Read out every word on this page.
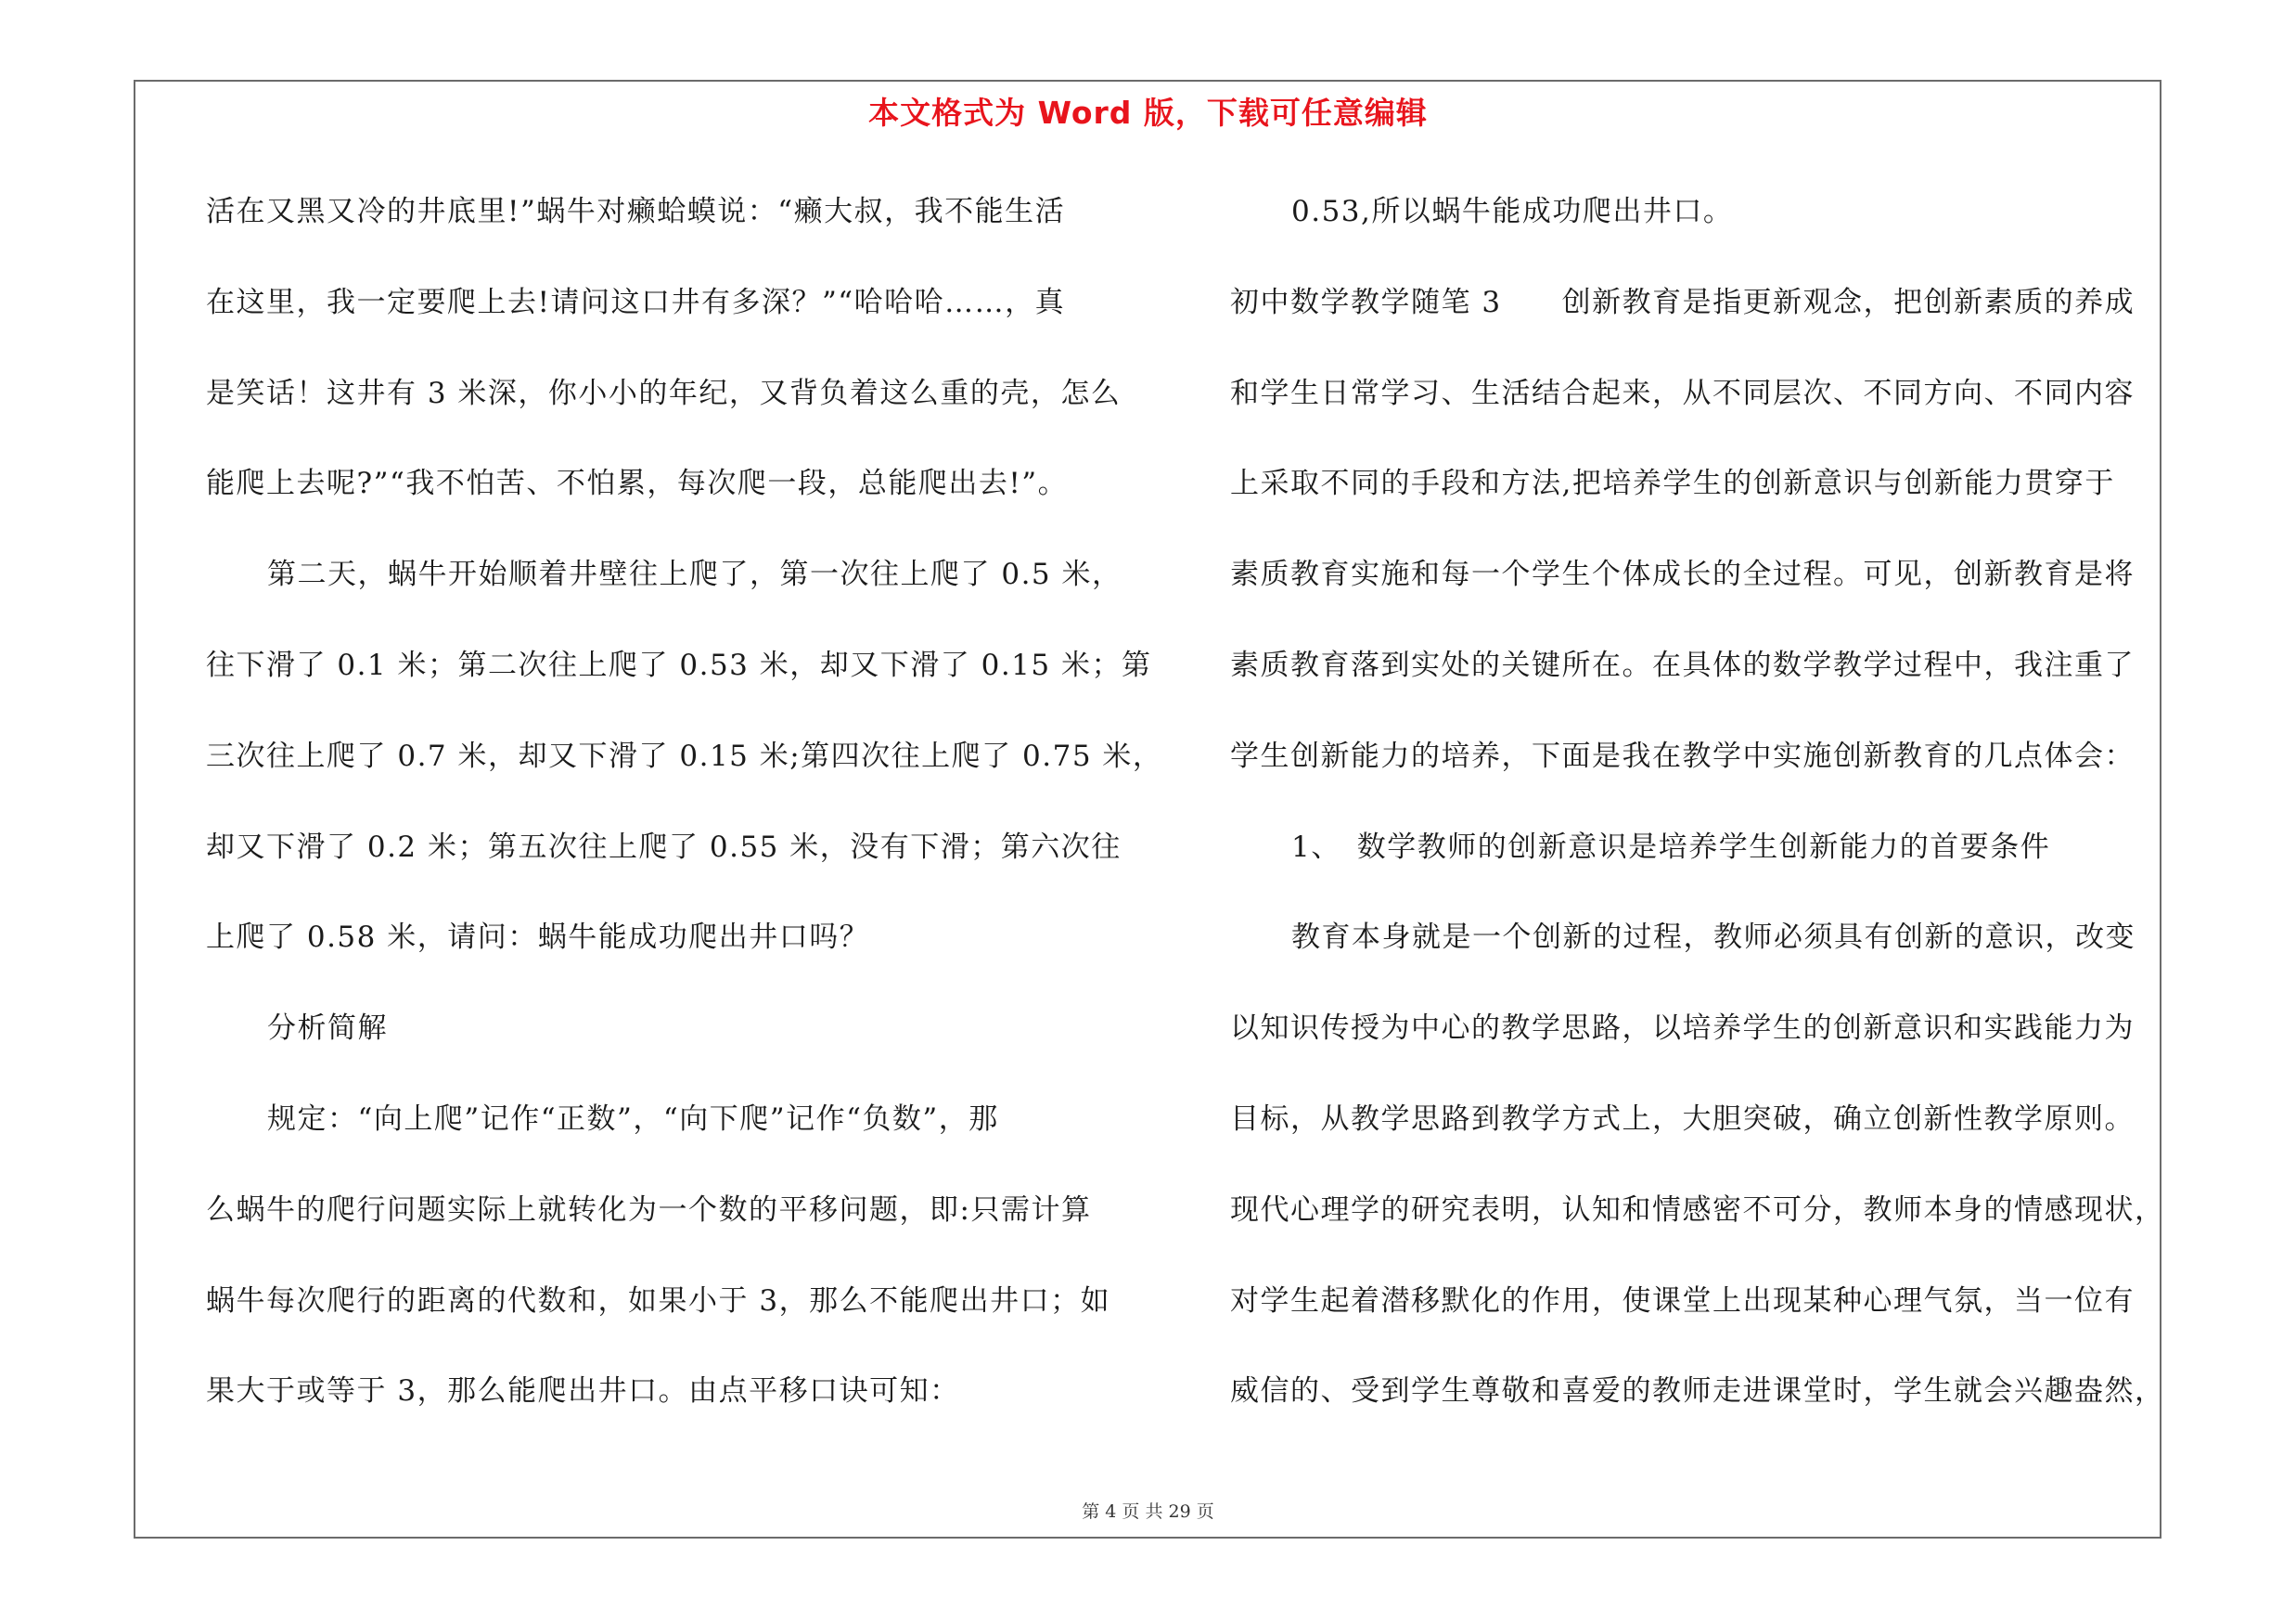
本文格式为 Word 版，下载可任意编辑
活在又黑又冷的井底里!”蜗牛对癞蛤蟆说：“癞大叔，我不能生活
在这里，我一定要爬上去!请问这口井有多深？”“哈哈哈……，真
是笑话！这井有 3 米深，你小小的年纪，又背负着这么重的壳，怎么
能爬上去呢?”“我不怕苦、不怕累，每次爬一段，总能爬出去!”。
第二天，蜗牛开始顺着井壁往上爬了，第一次往上爬了 0.5 米，
往下滑了 0.1 米；第二次往上爬了 0.53 米，却又下滑了 0.15 米；第
三次往上爬了 0.7 米，却又下滑了 0.15 米;第四次往上爬了 0.75 米，
却又下滑了 0.2 米；第五次往上爬了 0.55 米，没有下滑；第六次往
上爬了 0.58 米，请问：蜗牛能成功爬出井口吗？
分析简解
规定：“向上爬”记作“正数”，“向下爬”记作“负数”，那
么蜗牛的爬行问题实际上就转化为一个数的平移问题，即:只需计算
蜗牛每次爬行的距离的代数和，如果小于 3，那么不能爬出井口；如
果大于或等于 3，那么能爬出井口。由点平移口诀可知：
0.53,所以蜗牛能成功爬出井口。
初中数学教学随笔 3　　创新教育是指更新观念，把创新素质的养成
和学生日常学习、生活结合起来，从不同层次、不同方向、不同内容
上采取不同的手段和方法,把培养学生的创新意识与创新能力贯穿于
素质教育实施和每一个学生个体成长的全过程。可见，创新教育是将
素质教育落到实处的关键所在。在具体的数学教学过程中，我注重了
学生创新能力的培养，下面是我在教学中实施创新教育的几点体会：
1、　数学教师的创新意识是培养学生创新能力的首要条件
教育本身就是一个创新的过程，教师必须具有创新的意识，改变
以知识传授为中心的教学思路，以培养学生的创新意识和实践能力为
目标，从教学思路到教学方式上，大胆突破，确立创新性教学原则。
现代心理学的研究表明，认知和情感密不可分，教师本身的情感现状，
对学生起着潜移默化的作用，使课堂上出现某种心理气氛，当一位有
威信的、受到学生尊敬和喜爱的教师走进课堂时，学生就会兴趣盎然，
第 4 页 共 29 页
